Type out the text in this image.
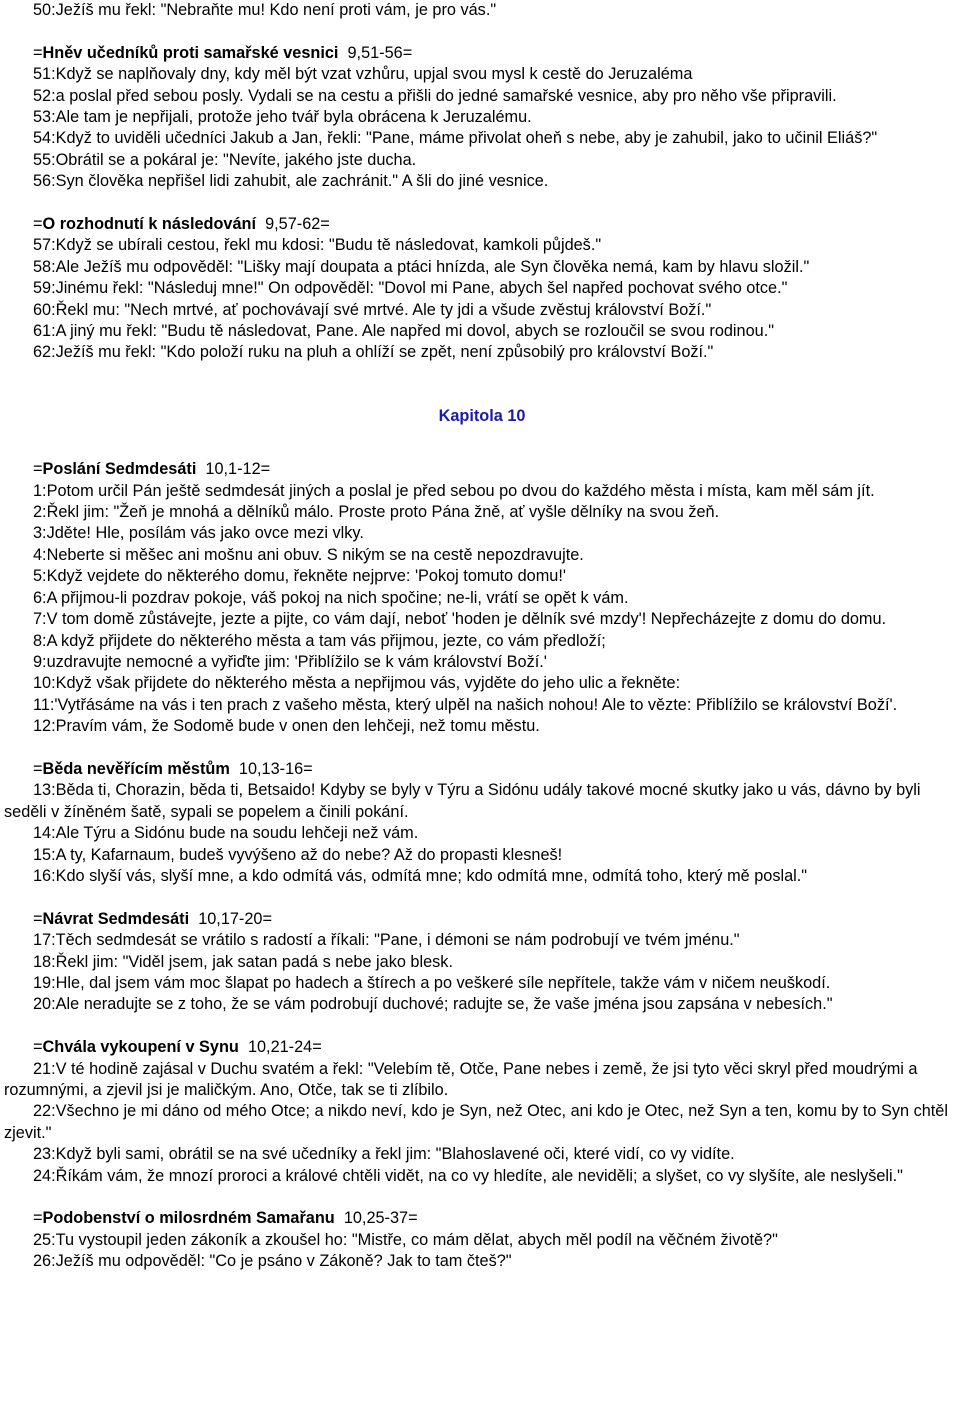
50:Ježíš mu řekl: "Nebraňte mu! Kdo není proti vám, je pro vás."

=Hněv učedníků proti samařské vesnici 9,51-56=

51:Když se naplňovaly dny, kdy měl být vzat vzhůru, upjal svou mysl k cestě do Jeruzaléma

52:a poslal před sebou posly. Vydali se na cestu a přišli do jedné samařské vesnice, aby pro něho vše připravili.

53:Ale tam je nepřijali, protože jeho tvář byla obrácena k Jeruzalému.

54:Když to uviděli učedníci Jakub a Jan, řekli: "Pane, máme přivolat oheň s nebe, aby je zahubil, jako to učinil Eliáš?"

55:Obrátil se a pokáral je: "Nevíte, jakého jste ducha.

56:Syn člověka nepřišel lidi zahubit, ale zachránit." A šli do jiné vesnice.

=O rozhodnutí k následování 9,57-62=

57:Když se ubírali cestou, řekl mu kdosi: "Budu tě následovat, kamkoli půjdeš."

58:Ale Ježíš mu odpověděl: "Lišky mají doupata a ptáci hnízda, ale Syn člověka nemá, kam by hlavu složil."

59:Jinému řekl: "Následuj mne!" On odpověděl: "Dovol mi Pane, abych šel napřed pochovat svého otce."

60:Řekl mu: "Nech mrtvé, ať pochovávají své mrtvé. Ale ty jdi a všude zvěstuj království Boží."

61:A jiný mu řekl: "Budu tě následovat, Pane. Ale napřed mi dovol, abych se rozloučil se svou rodinou."

62:Ježíš mu řekl: "Kdo položí ruku na pluh a ohlíží se zpět, není způsobilý pro království Boží."

Kapitola 10

=Poslání Sedmdesáti 10,1-12=

1:Potom určil Pán ještě sedmdesát jiných a poslal je před sebou po dvou do každého města i místa, kam měl sám jít.

2:Řekl jim: "Žeň je mnohá a dělníků málo. Proste proto Pána žně, ať vyšle dělníky na svou žeň.

3:Jděte! Hle, posílám vás jako ovce mezi vlky.

4:Neberte si měšec ani mošnu ani obuv. S nikým se na cestě nepozdravujte.

5:Když vejdete do některého domu, řekněte nejprve: 'Pokoj tomuto domu!'

6:A přijmou-li pozdrav pokoje, váš pokoj na nich spočine; ne-li, vrátí se opět k vám.

7:V tom domě zůstávejte, jezte a pijte, co vám dají, neboť 'hoden je dělník své mzdy'! Nepřecházejte z domu do domu.

8:A když přijdete do některého města a tam vás přijmou, jezte, co vám předloží;

9:uzdravujte nemocné a vyřiďte jim: 'Přiblížilo se k vám království Boží.'

10:Když však přijdete do některého města a nepřijmou vás, vyjděte do jeho ulic a řekněte:

11:'Vytřásáme na vás i ten prach z vašeho města, který ulpěl na našich nohou! Ale to vězte: Přiblížilo se království Boží'.

12:Pravím vám, že Sodomě bude v onen den lehčeji, než tomu městu.

=Běda nevěřícím městům 10,13-16=

13:Běda ti, Chorazin, běda ti, Betsaido! Kdyby se byly v Týru a Sidónu udály takové mocné skutky jako u vás, dávno by byli seděli v žíněném šatě, sypali se popelem a činili pokání.

14:Ale Týru a Sidónu bude na soudu lehčeji než vám.

15:A ty, Kafarnaum, budeš vyvýšeno až do nebe? Až do propasti klesneš!

16:Kdo slyší vás, slyší mne, a kdo odmítá vás, odmítá mne; kdo odmítá mne, odmítá toho, který mě poslal."

=Návrat Sedmdesáti 10,17-20=

17:Těch sedmdesát se vrátilo s radostí a říkali: "Pane, i démoni se nám podrobují ve tvém jménu."

18:Řekl jim: "Viděl jsem, jak satan padá s nebe jako blesk.

19:Hle, dal jsem vám moc šlapat po hadech a štírech a po veškeré síle nepřítele, takže vám v ničem neuškodí.

20:Ale neradujte se z toho, že se vám podrobují duchové; radujte se, že vaše jména jsou zapsána v nebesích."

=Chvála vykoupení v Synu 10,21-24=

21:V té hodině zajásal v Duchu svatém a řekl: "Velebím tě, Otče, Pane nebes i země, že jsi tyto věci skryl před moudrými a rozumnými, a zjevil jsi je maličkým. Ano, Otče, tak se ti zlíbilo.

22:Všechno je mi dáno od mého Otce; a nikdo neví, kdo je Syn, než Otec, ani kdo je Otec, než Syn a ten, komu by to Syn chtěl zjevit."

23:Když byli sami, obrátil se na své učedníky a řekl jim: "Blahoslavené oči, které vidí, co vy vidíte.

24:Říkám vám, že mnozí proroci a králové chtěli vidět, na co vy hledíte, ale neviděli; a slyšet, co vy slyšíte, ale neslyšeli."

=Podobenství o milosrdném Samařanu 10,25-37=

25:Tu vystoupil jeden zákoník a zkoušel ho: "Mistře, co mám dělat, abych měl podíl na věčném životě?"

26:Ježíš mu odpověděl: "Co je psáno v Zákoně? Jak to tam čteš?"
